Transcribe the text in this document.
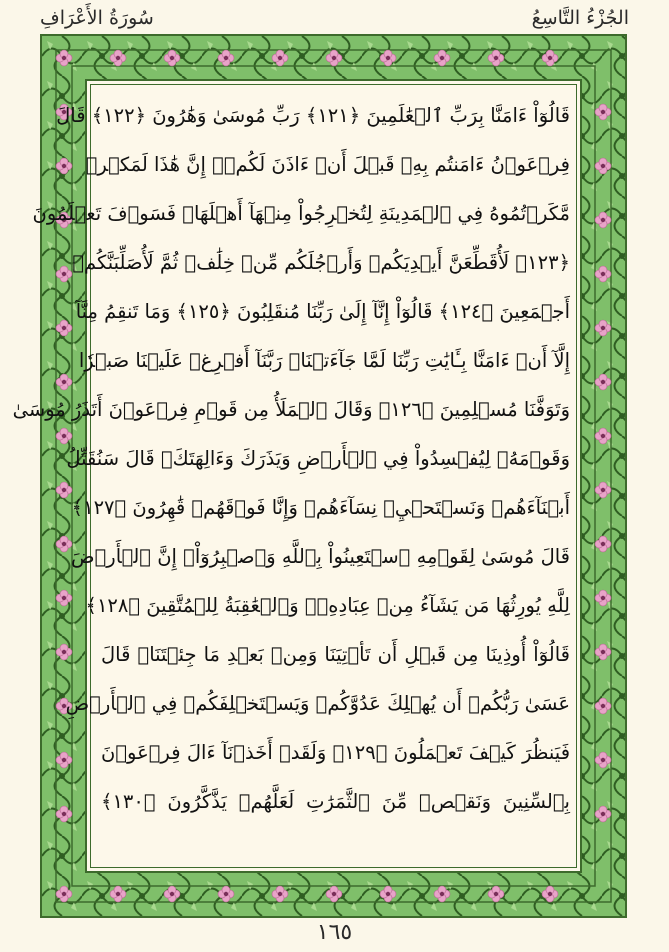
الجُزْءُ التَّاسِعُ
سُورَةُ الأَعْرَافِ
قَالُوٓاْ ءَامَنَّا بِرَبِّ ٱلۡعَٰلَمِينَ ﴿١٢١﴾ رَبِّ مُوسَىٰ وَهَٰرُونَ ﴿١٢٢﴾ قَالَ
فِرۡعَوۡنُ ءَامَنتُم بِهِۦ قَبۡلَ أَنۡ ءَاذَنَ لَكُمۡۖ إِنَّ هَٰذَا لَمَكۡرٞ
مَّكَرۡتُمُوهُ فِي ٱلۡمَدِينَةِ لِتُخۡرِجُواْ مِنۡهَآ أَهۡلَهَاۖ فَسَوۡفَ تَعۡلَمُونَ
﴿١٢٣﴾ لَأُقَطِّعَنَّ أَيۡدِيَكُمۡ وَأَرۡجُلَكُم مِّنۡ خِلَٰفٖ ثُمَّ لَأُصَلِّبَنَّكُمۡ
أَجۡمَعِينَ ﴿١٢٤﴾ قَالُوٓاْ إِنَّآ إِلَىٰ رَبِّنَا مُنقَلِبُونَ ﴿١٢٥﴾ وَمَا تَنقِمُ مِنَّآ
إِلَّآ أَنۡ ءَامَنَّا بِـَٔايَٰتِ رَبِّنَا لَمَّا جَآءَتۡنَاۚ رَبَّنَآ أَفۡرِغۡ عَلَيۡنَا صَبۡرٗا
وَتَوَفَّنَا مُسۡلِمِينَ ﴿١٢٦﴾ وَقَالَ ٱلۡمَلَأُ مِن قَوۡمِ فِرۡعَوۡنَ أَتَذَرُ مُوسَىٰ
وَقَوۡمَهُۥ لِيُفۡسِدُواْ فِي ٱلۡأَرۡضِ وَيَذَرَكَ وَءَالِهَتَكَۚ قَالَ سَنُقَتِّلُ
أَبۡنَآءَهُمۡ وَنَسۡتَحۡيِۦ نِسَآءَهُمۡ وَإِنَّا فَوۡقَهُمۡ قَٰهِرُونَ ﴿١٢٧﴾
قَالَ مُوسَىٰ لِقَوۡمِهِ ٱسۡتَعِينُواْ بِٱللَّهِ وَٱصۡبِرُوٓاْۖ إِنَّ ٱلۡأَرۡضَ
لِلَّهِ يُورِثُهَا مَن يَشَآءُ مِنۡ عِبَادِهِۦۖ وَٱلۡعَٰقِبَةُ لِلۡمُتَّقِينَ ﴿١٢٨﴾
قَالُوٓاْ أُوذِينَا مِن قَبۡلِ أَن تَأۡتِيَنَا وَمِنۢ بَعۡدِ مَا جِئۡتَنَاۚ قَالَ
عَسَىٰ رَبُّكُمۡ أَن يُهۡلِكَ عَدُوَّكُمۡ وَيَسۡتَخۡلِفَكُمۡ فِي ٱلۡأَرۡضِ
فَيَنظُرَ كَيۡفَ تَعۡمَلُونَ ﴿١٢٩﴾ وَلَقَدۡ أَخَذۡنَآ ءَالَ فِرۡعَوۡنَ
بِٱلسِّنِينَ وَنَقۡصٖ مِّنَ ٱلثَّمَرَٰتِ لَعَلَّهُمۡ يَذَّكَّرُونَ ﴿١٣٠﴾
١٦٥
